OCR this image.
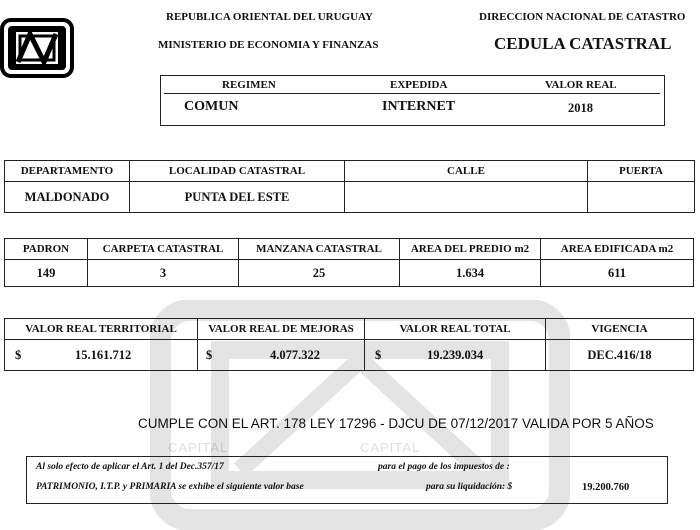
CAPITAL	CAPITAL
REPUBLICA ORIENTAL DEL URUGUAY
MINISTERIO DE ECONOMIA Y FINANZAS
DIRECCION NACIONAL DE CATASTRO
CEDULA CATASTRAL
REGIMEN	EXPEDIDA	VALOR REAL
COMUN	INTERNET	2018
DEPARTAMENTO	LOCALIDAD CATASTRAL	CALLE	PUERTA
MALDONADO	PUNTA DEL ESTE		
PADRON	CARPETA CATASTRAL	MANZANA CATASTRAL	AREA DEL PREDIO m2	AREA EDIFICADA m2
149	3	25	1.634	611
VALOR REAL TERRITORIAL	VALOR REAL DE MEJORAS	VALOR REAL TOTAL	VIGENCIA
$ 15.161.712	$ 4.077.322	$ 19.239.034	DEC.416/18
CUMPLE CON EL ART. 178 LEY 17296 - DJCU DE 07/12/2017 VALIDA POR 5 AÑOS
Al solo efecto de aplicar el Art. 1 del Dec.357/17	para el pago de los impuestos de :
PATRIMONIO, I.T.P. y PRIMARIA se exhibe el siguiente valor base	para su liquidación: $	19.200.760
